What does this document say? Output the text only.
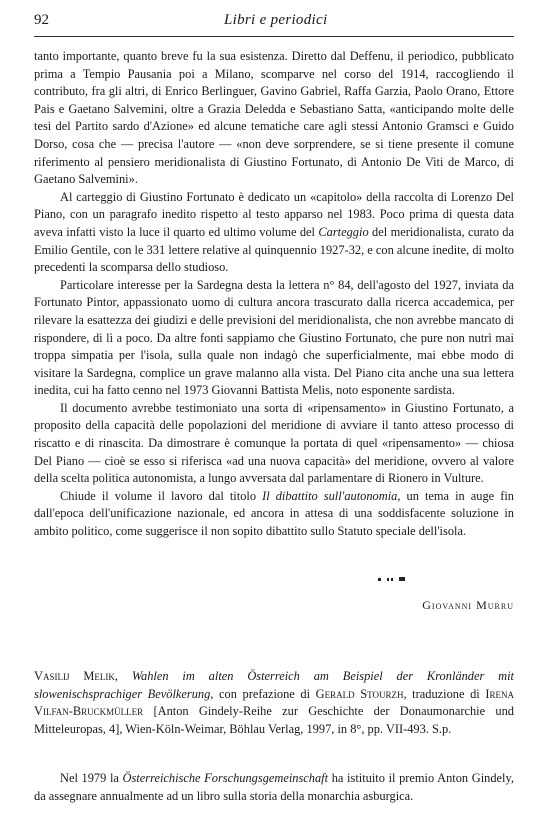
92	Libri e periodici

tanto importante, quanto breve fu la sua esistenza. Diretto dal Deffenu, il periodico, pubblicato prima a Tempio Pausania poi a Milano, scomparve nel corso del 1914, raccogliendo il contributo, fra gli altri, di Enrico Berlinguer, Gavino Gabriel, Raffa Garzia, Paolo Orano, Ettore Pais e Gaetano Salvemini, oltre a Grazia Deledda e Sebastiano Satta, «anticipando molte delle tesi del Partito sardo d'Azione» ed alcune tematiche care agli stessi Antonio Gramsci e Guido Dorso, cosa che — precisa l'autore — «non deve sorprendere, se si tiene presente il comune riferimento al pensiero meridionalista di Giustino Fortunato, di Antonio De Viti de Marco, di Gaetano Salvemini».

Al carteggio di Giustino Fortunato è dedicato un «capitolo» della raccolta di Lorenzo Del Piano, con un paragrafo inedito rispetto al testo apparso nel 1983. Poco prima di questa data aveva infatti visto la luce il quarto ed ultimo volume del Carteggio del meridionalista, curato da Emilio Gentile, con le 331 lettere relative al quinquennio 1927-32, e con alcune inedite, di molto precedenti la scomparsa dello studioso.

Particolare interesse per la Sardegna desta la lettera n° 84, dell'agosto del 1927, inviata da Fortunato Pintor, appassionato uomo di cultura ancora trascurato dalla ricerca accademica, per rilevare la esattezza dei giudizi e delle previsioni del meridionalista, che non avrebbe mancato di rispondere, di lì a poco. Da altre fonti sappiamo che Giustino Fortunato, che pure non nutrì mai troppa simpatia per l'isola, sulla quale non indagò che superficialmente, mai ebbe modo di visitare la Sardegna, complice un grave malanno alla vista. Del Piano cita anche una sua lettera inedita, cui ha fatto cenno nel 1973 Giovanni Battista Melis, noto esponente sardista.

Il documento avrebbe testimoniato una sorta di «ripensamento» in Giustino Fortunato, a proposito della capacità delle popolazioni del meridione di avviare il tanto atteso processo di riscatto e di rinascita. Da dimostrare è comunque la portata di quel «ripensamento» — chiosa Del Piano — cioè se esso si riferisca «ad una nuova capacità» del meridione, ovvero al valore della scelta politica autonomista, a lungo avversata dal parlamentare di Rionero in Vulture.

Chiude il volume il lavoro dal titolo Il dibattito sull'autonomia, un tema in auge fin dall'epoca dell'unificazione nazionale, ed ancora in attesa di una soddisfacente soluzione in ambito politico, come suggerisce il non sopito dibattito sullo Statuto speciale dell'isola.

Giovanni Murru

Vasilij Melik, Wahlen im alten Österreich am Beispiel der Kronländer mit slowenischsprachiger Bevölkerung, con prefazione di Gerald Stourzh, traduzione di Irena Vilfan-Bruckmüller [Anton Gindely-Reihe zur Geschichte der Donaumonarchie und Mitteleuropas, 4], Wien-Köln-Weimar, Böhlau Verlag, 1997, in 8°, pp. VII-493. S.p.

Nel 1979 la Österreichische Forschungsgemeinschaft ha istituito il premio Anton Gindely, da assegnare annualmente ad un libro sulla storia della monarchia asburgica.
